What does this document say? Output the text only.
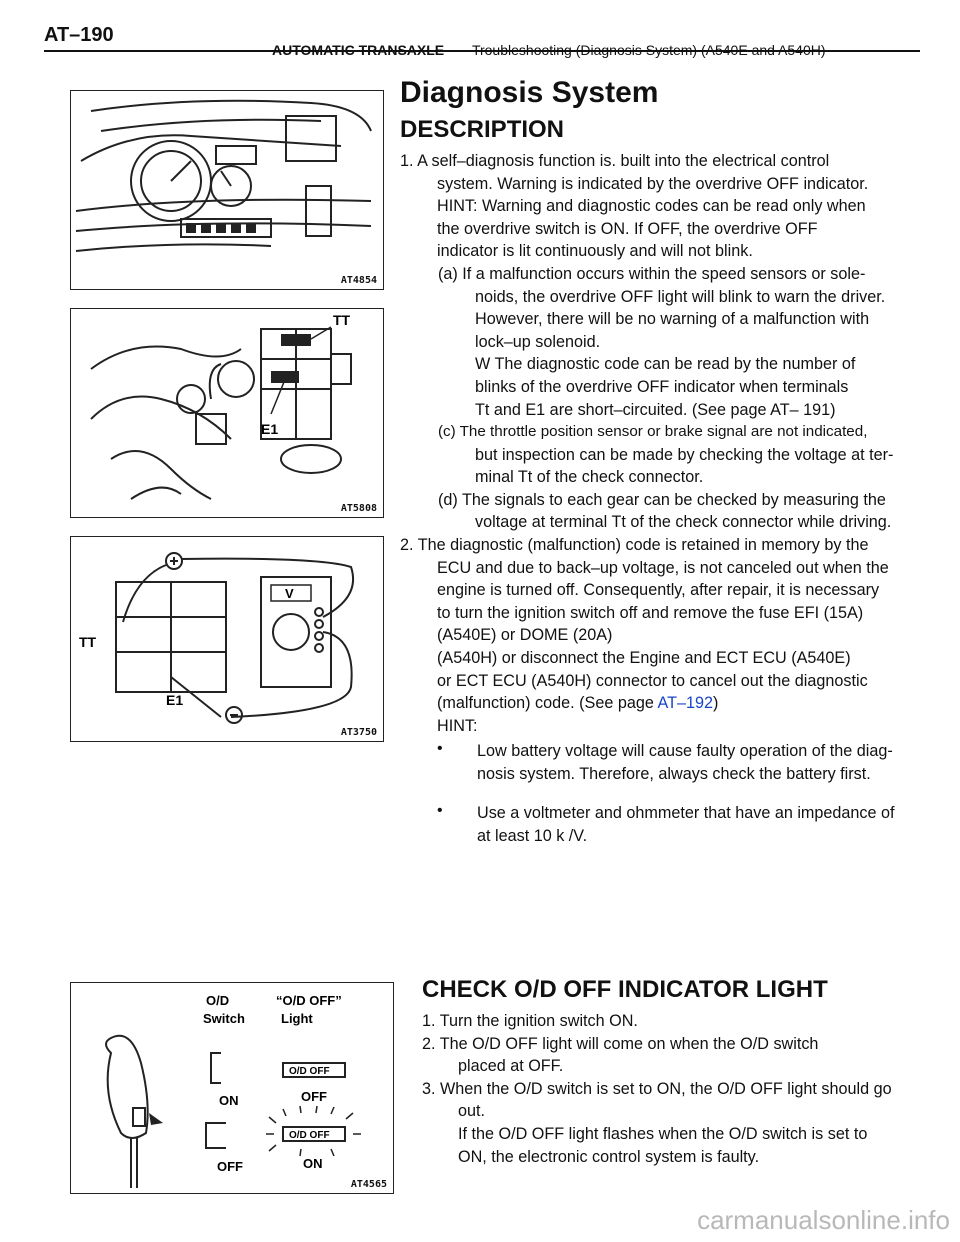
AT–190
AUTOMATIC TRANSAXLE – Troubleshooting (Diagnosis System) (A540E and A540H)
AT4854
TT
E1
AT5808
V
TT
E1
AT3750
Diagnosis System
DESCRIPTION
1. A self–diagnosis function is. built into the electrical control
system. Warning is indicated by the overdrive OFF indicator.
HINT: Warning and diagnostic codes can be read only when
the overdrive switch is ON. If OFF, the overdrive OFF
indicator is lit continuously and will not blink.
(a) If a malfunction occurs within the speed sensors or sole-
noids, the overdrive OFF light will blink to warn the driver.
However, there will be no warning of a malfunction with
lock–up solenoid.
W The diagnostic code can be read by the number of
blinks of the overdrive OFF indicator when terminals
Tt and E1 are short–circuited. (See page AT– 191)
(c) The throttle position sensor or brake signal are not indicated,
but inspection can be made by checking the voltage at ter-
minal Tt of the check connector.
(d) The signals to each gear can be checked by measuring the
voltage at terminal Tt of the check connector while driving.
2. The diagnostic (malfunction) code is retained in memory by the
ECU and due to back–up voltage, is not canceled out when the
engine is turned off. Consequently, after repair, it is necessary
to turn the ignition switch off and remove the fuse EFI (15A)
(A540E) or DOME (20A)
(A540H) or disconnect the Engine and ECT ECU (A540E)
or ECT ECU (A540H) connector to cancel out the diagnostic
(malfunction) code. (See page AT–192)
HINT:
•	Low battery voltage will cause faulty operation of the diag-
nosis system. Therefore, always check the battery first.
•	Use a voltmeter and ohmmeter that have an impedance of
at least 10 k /V.
O/D
Switch
“O/D OFF”
Light
ON
OFF
OFF
ON
O/D OFF
O/D OFF
AT4565
CHECK O/D OFF INDICATOR LIGHT
1. Turn the ignition switch ON.
2. The O/D OFF light will come on when the O/D switch
placed at OFF.
3. When the O/D switch is set to ON, the O/D OFF light should go
out.
If the O/D OFF light flashes when the O/D switch is set to
ON, the electronic control system is faulty.
carmanualsonline.info
